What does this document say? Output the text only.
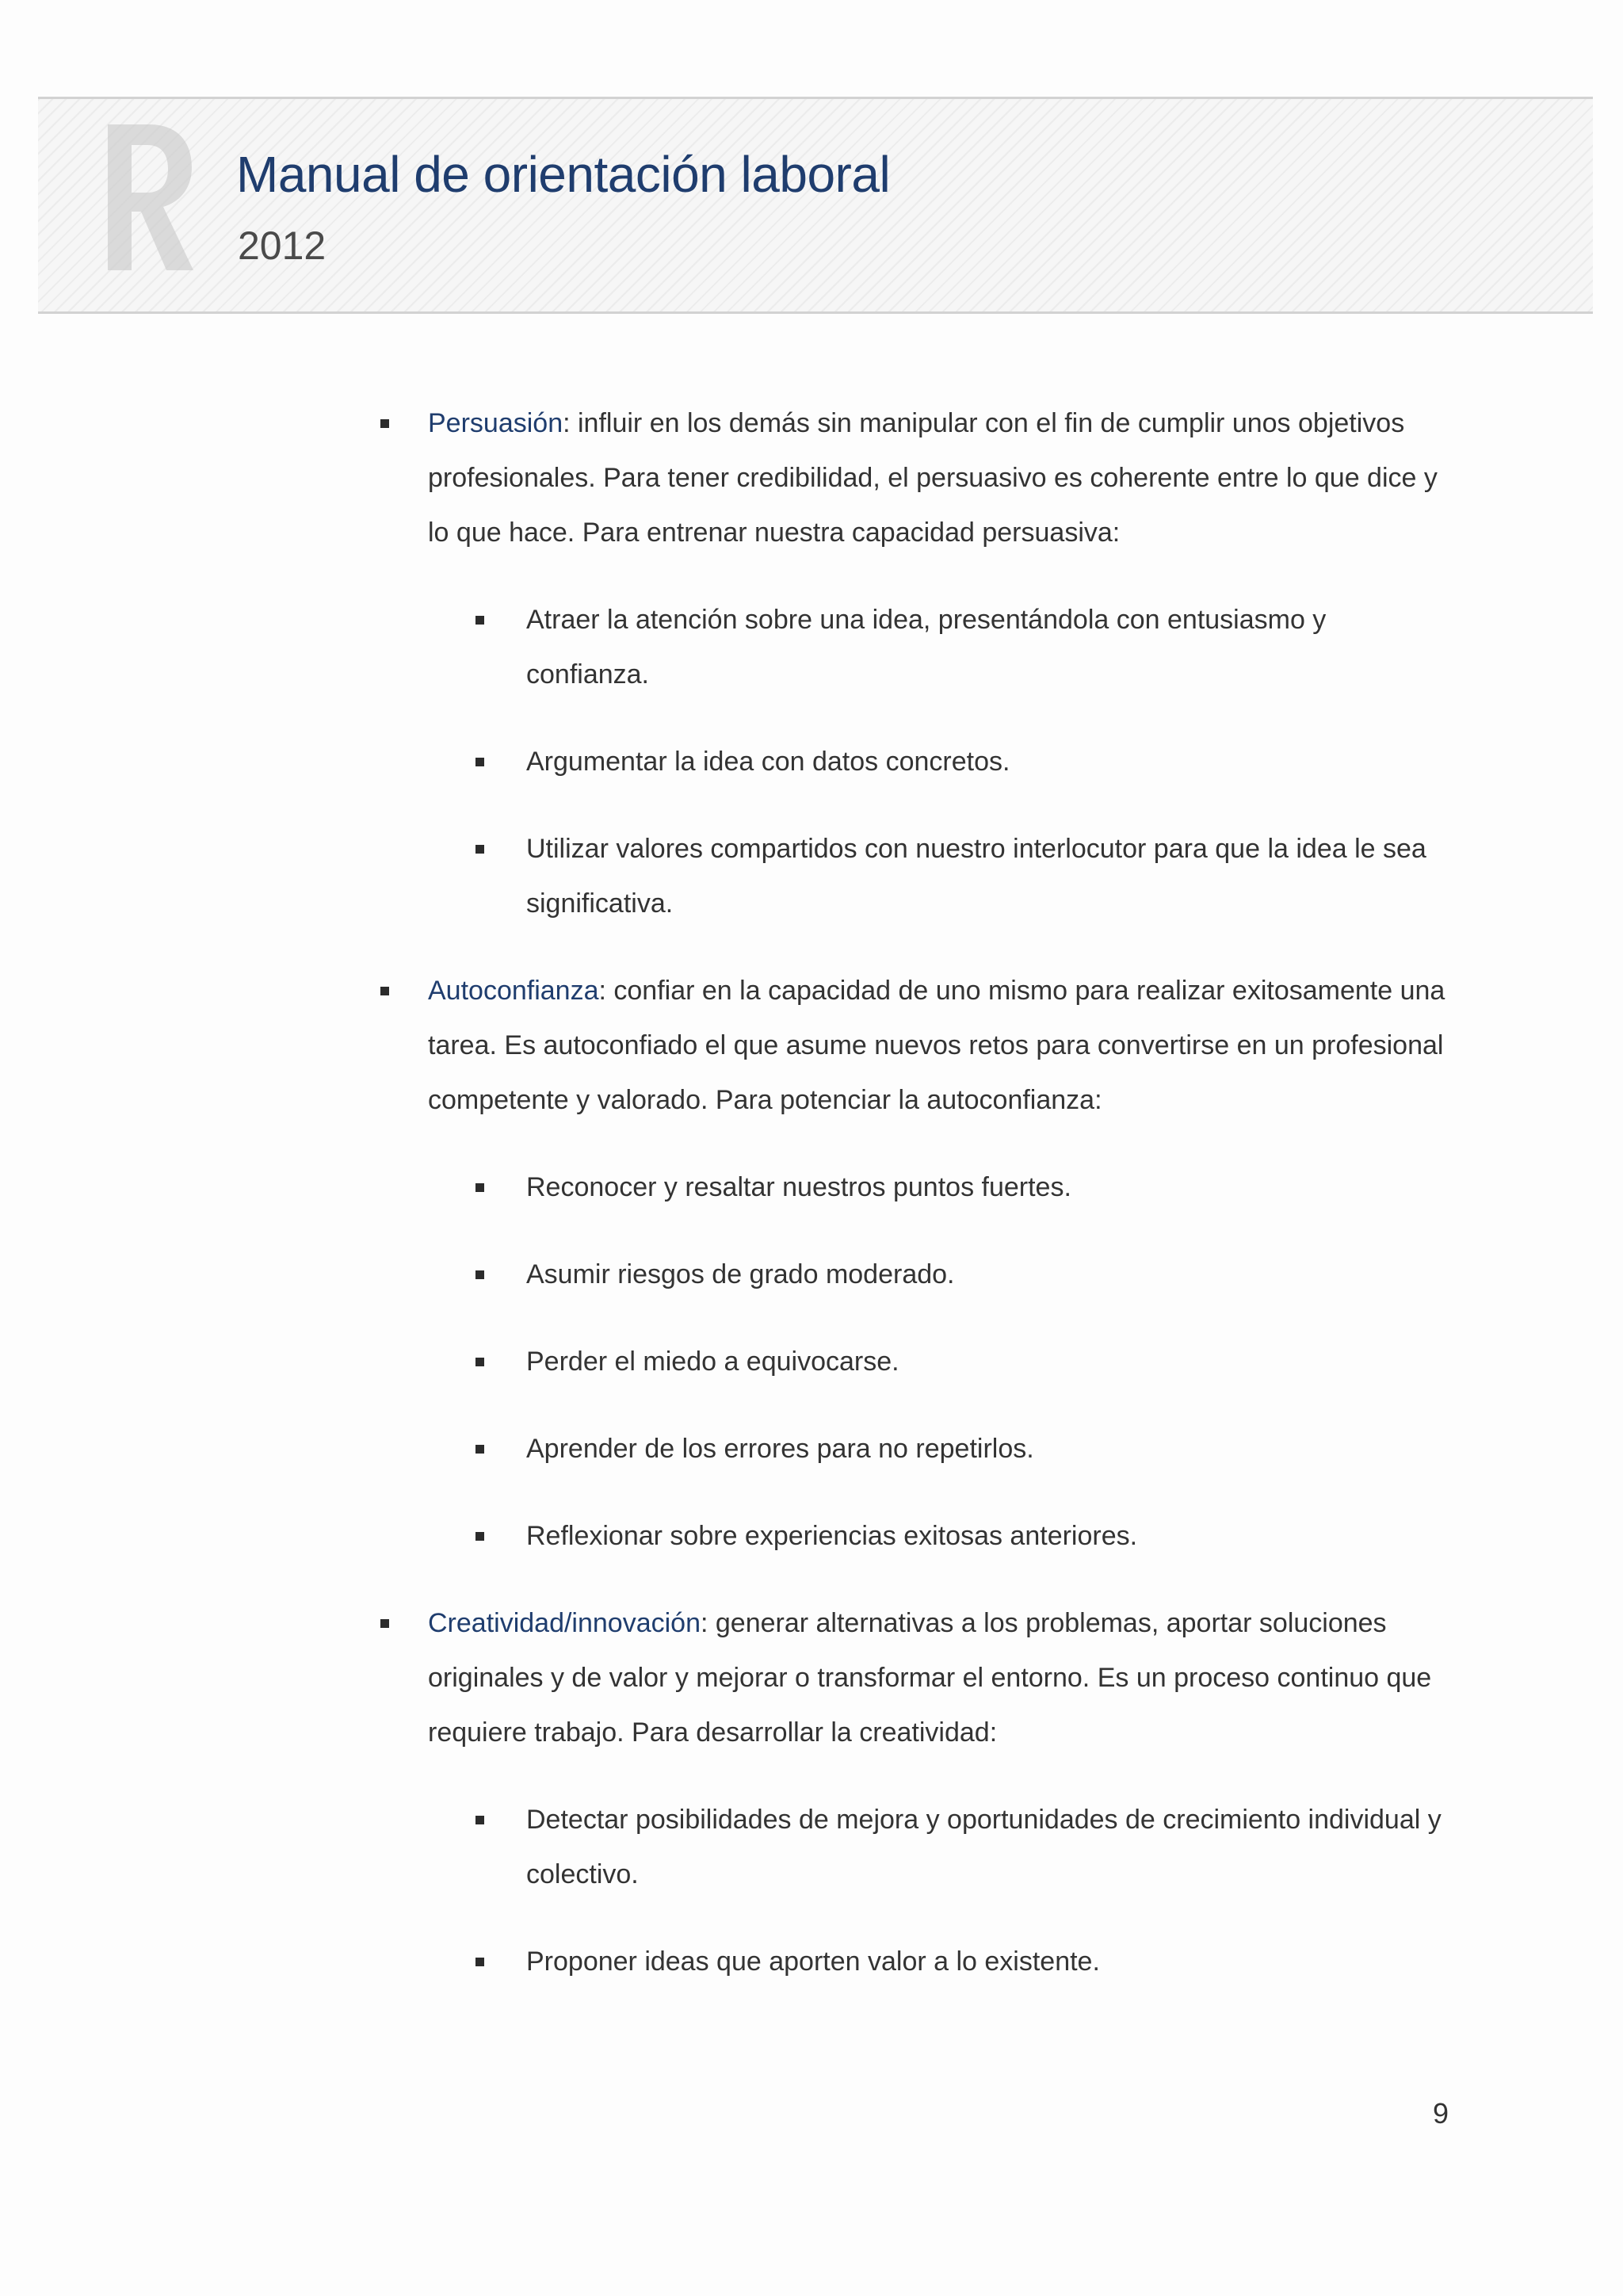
Manual de orientación laboral
2012
Persuasión: influir en los demás sin manipular con el fin de cumplir unos objetivos profesionales. Para tener credibilidad, el persuasivo es coherente entre lo que dice y lo que hace. Para entrenar nuestra capacidad persuasiva:
Atraer la atención sobre una idea, presentándola con entusiasmo y confianza.
Argumentar la idea con datos concretos.
Utilizar valores compartidos con nuestro interlocutor para que la idea le sea significativa.
Autoconfianza: confiar en la capacidad de uno mismo para realizar exitosamente una tarea. Es autoconfiado el que asume nuevos retos para convertirse en un profesional competente y valorado. Para potenciar la autoconfianza:
Reconocer y resaltar nuestros puntos fuertes.
Asumir riesgos de grado moderado.
Perder el miedo a equivocarse.
Aprender de los errores para no repetirlos.
Reflexionar sobre experiencias exitosas anteriores.
Creatividad/innovación: generar alternativas a los problemas, aportar soluciones originales y de valor y mejorar o transformar el entorno. Es un proceso continuo que requiere trabajo. Para desarrollar la creatividad:
Detectar posibilidades de mejora y oportunidades de crecimiento individual y colectivo.
Proponer ideas que aporten valor a lo existente.
9
